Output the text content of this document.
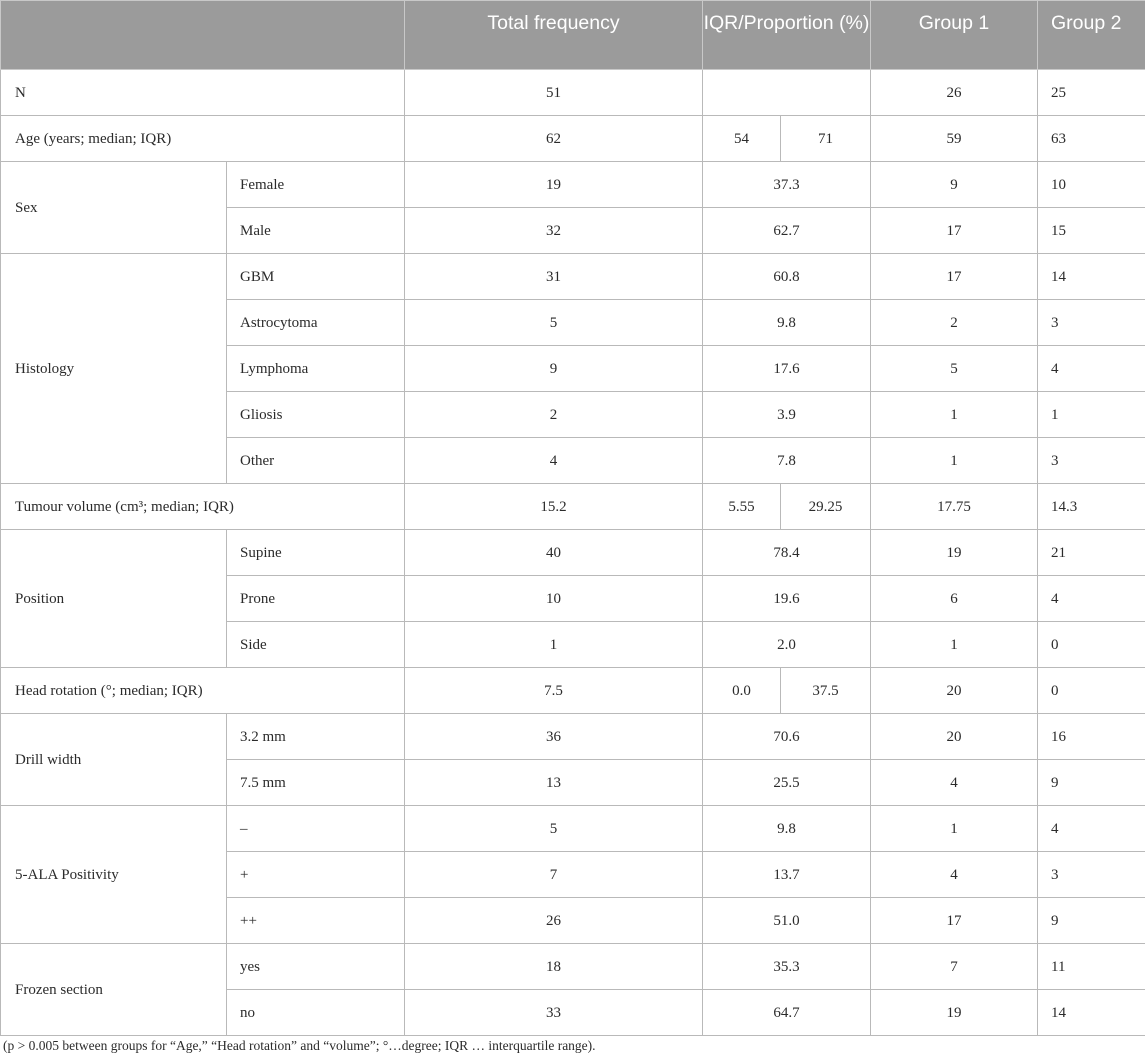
		Total frequency	IQR/Proportion (%)		Group 1	Group 2

N		51			26	25
Age (years; median; IQR)		62	54	71	59	63
Sex	Female	19	37.3		9	10
	Male	32	62.7		17	15
Histology	GBM	31	60.8		17	14
	Astrocytoma	5	9.8		2	3
	Lymphoma	9	17.6		5	4
	Gliosis	2	3.9		1	1
	Other	4	7.8		1	3
Tumour volume (cm³; median; IQR)		15.2	5.55	29.25	17.75	14.3
Position	Supine	40	78.4		19	21
	Prone	10	19.6		6	4
	Side	1	2.0		1	0
Head rotation (°; median; IQR)		7.5	0.0	37.5	20	0
Drill width	3.2 mm	36	70.6		20	16
	7.5 mm	13	25.5		4	9
5-ALA Positivity	–	5	9.8		1	4
	+	7	13.7		4	3
	++	26	51.0		17	9
Frozen section	yes	18	35.3		7	11
	no	33	64.7		19	14
(p > 0.005 between groups for “Age,” “Head rotation” and “volume”; °…degree; IQR … interquartile range).
